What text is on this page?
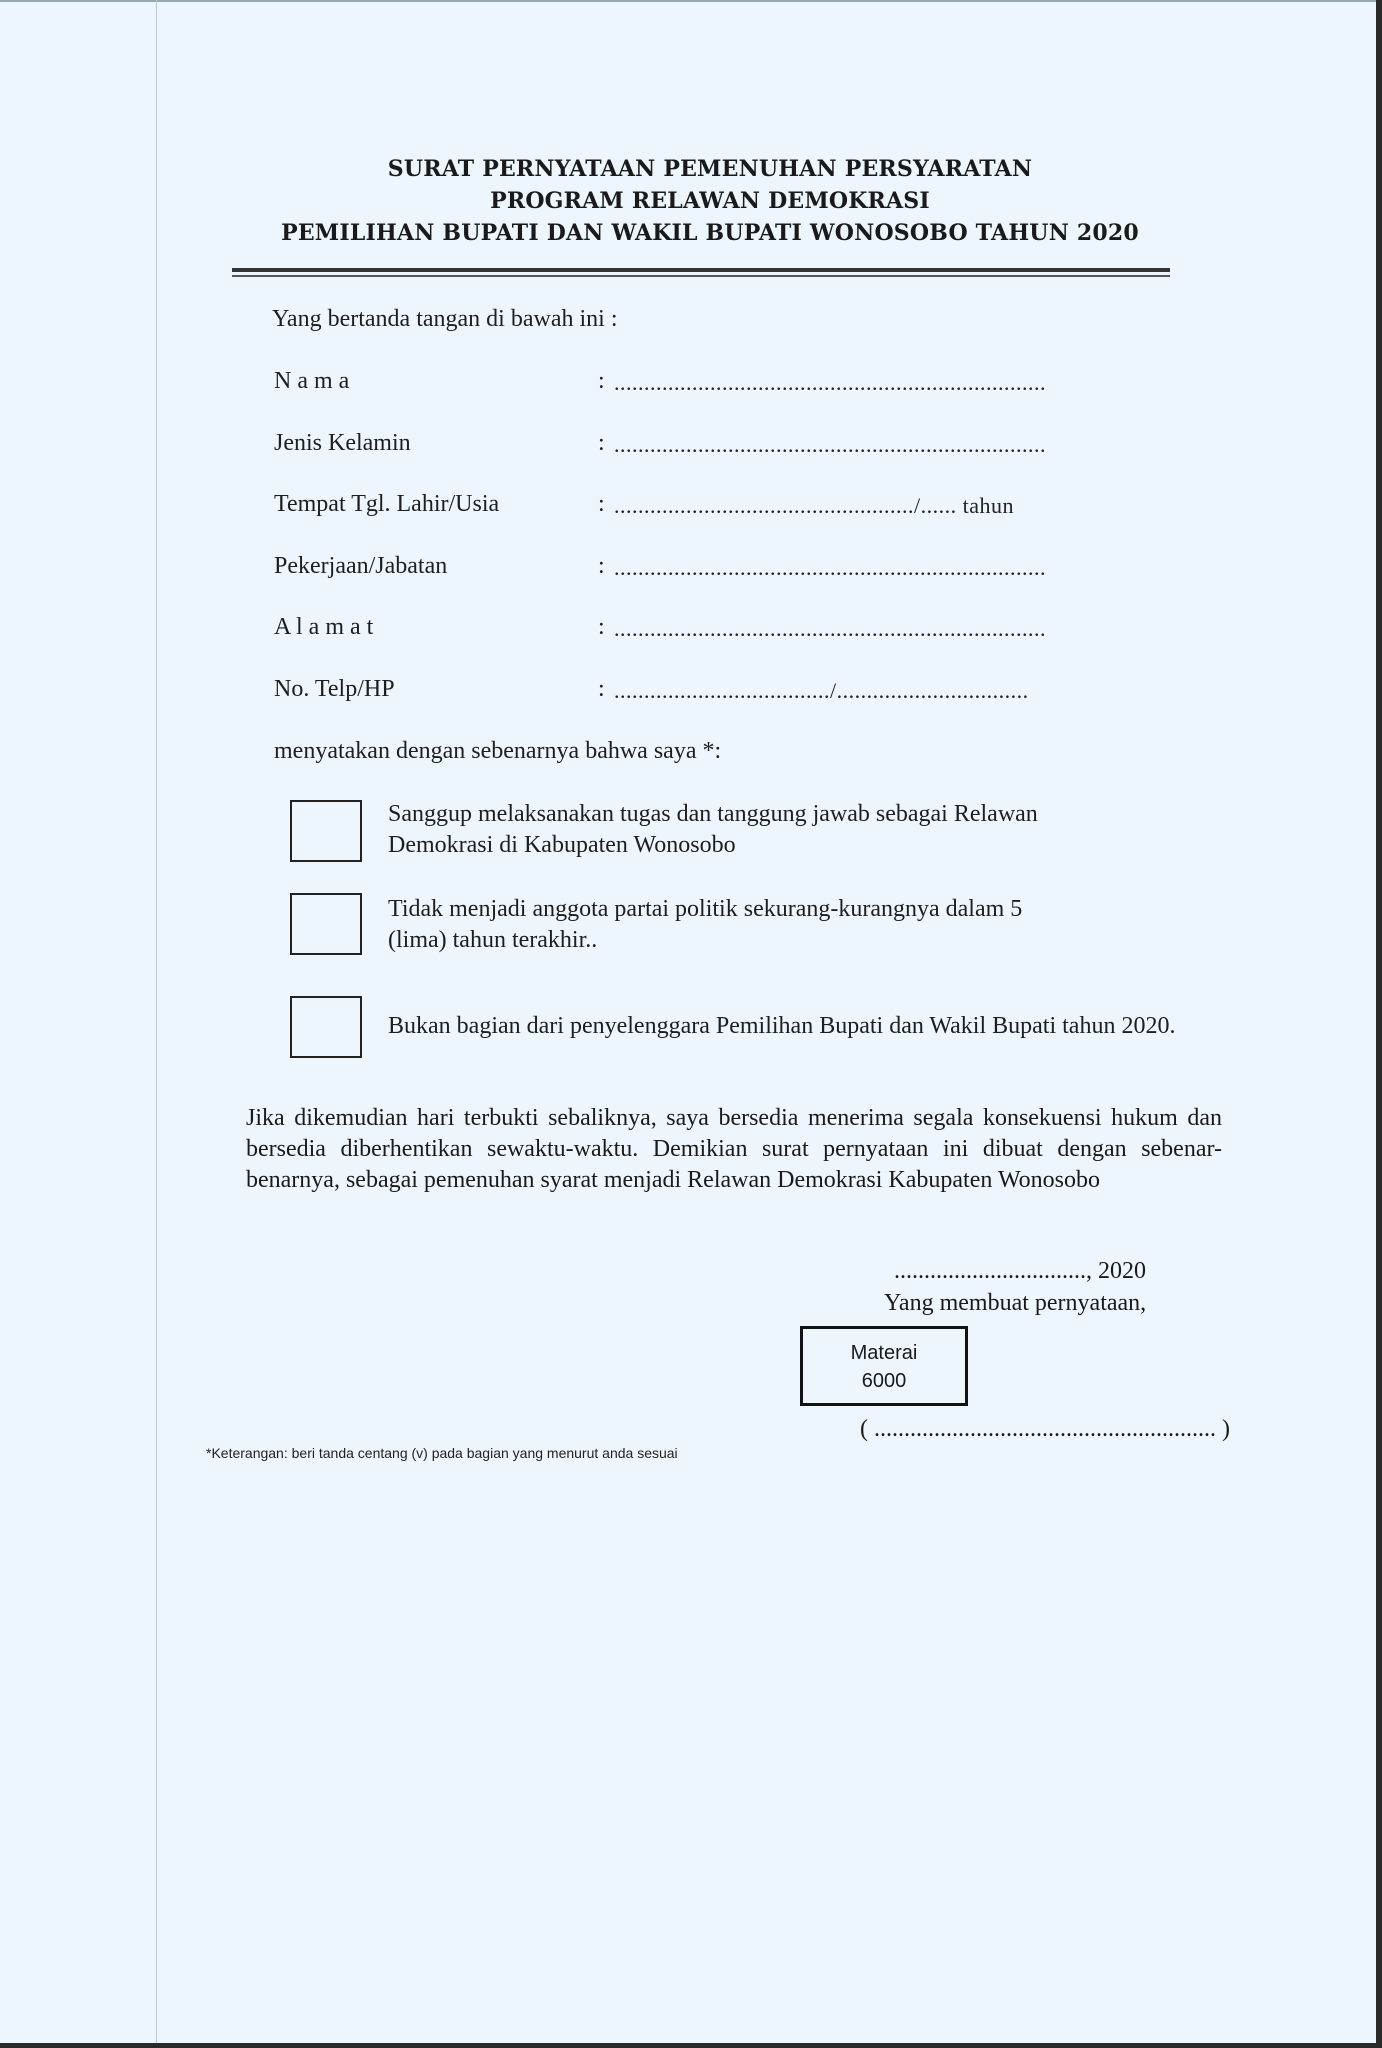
SURAT PERNYATAAN PEMENUHAN PERSYARATAN
PROGRAM RELAWAN DEMOKRASI
PEMILIHAN BUPATI DAN WAKIL BUPATI WONOSOBO TAHUN 2020
Yang bertanda tangan di bawah ini :
N a m a	: ........................................................................
Jenis Kelamin	: ........................................................................
Tempat Tgl. Lahir/Usia	: ................................................../...... tahun
Pekerjaan/Jabatan	: ........................................................................
A l a m a t	: ........................................................................
No. Telp/HP	: ..................................../................................
menyatakan dengan sebenarnya bahwa saya *:
Sanggup melaksanakan tugas dan tanggung jawab sebagai Relawan
Demokrasi di Kabupaten Wonosobo
Tidak menjadi anggota partai politik sekurang-kurangnya dalam 5
(lima) tahun terakhir..
Bukan bagian dari penyelenggara Pemilihan Bupati dan Wakil Bupati tahun 2020.
Jika dikemudian hari terbukti sebaliknya, saya bersedia menerima segala konsekuensi hukum dan bersedia diberhentikan sewaktu-waktu. Demikian surat pernyataan ini dibuat dengan sebenar-benarnya, sebagai pemenuhan syarat menjadi Relawan Demokrasi Kabupaten Wonosobo
................................, 2020
Yang membuat pernyataan,
Materai
6000
( ......................................................... )
*Keterangan: beri tanda centang (v) pada bagian yang menurut anda sesuai
